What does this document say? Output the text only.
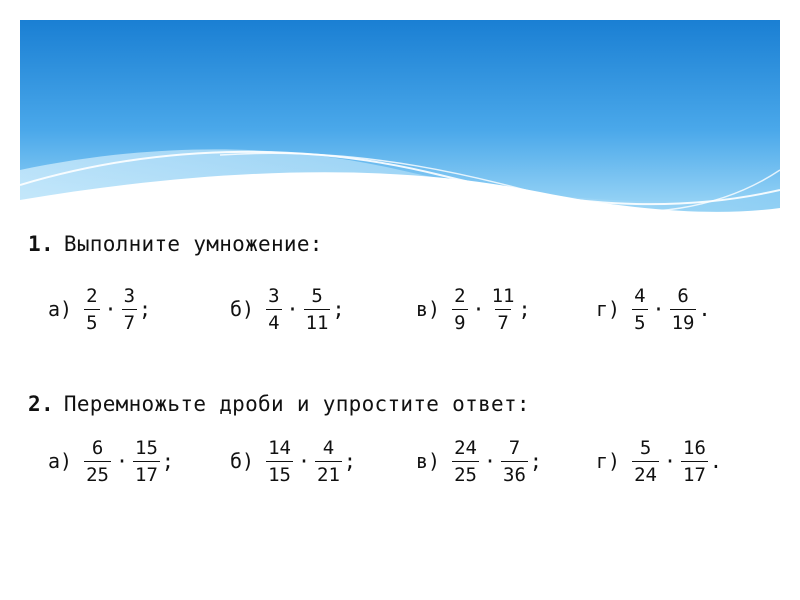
1. Выполните умножение:
$а) \frac{2}{5} \cdot \frac{3}{7}$ ;	$б) \frac{3}{4} \cdot \frac{5}{11}$ ;	$в) \frac{2}{9} \cdot \frac{11}{7}$ ;	$г) \frac{4}{5} \cdot \frac{6}{19}$ .
2. Перемножьте дроби и упростите ответ:
$а) \frac{6}{25} \cdot \frac{15}{17}$ ;	$б) \frac{14}{15} \cdot \frac{4}{21}$ ;	$в) \frac{24}{25} \cdot \frac{7}{36}$ ;	$г) \frac{5}{24} \cdot \frac{16}{17}$ .
